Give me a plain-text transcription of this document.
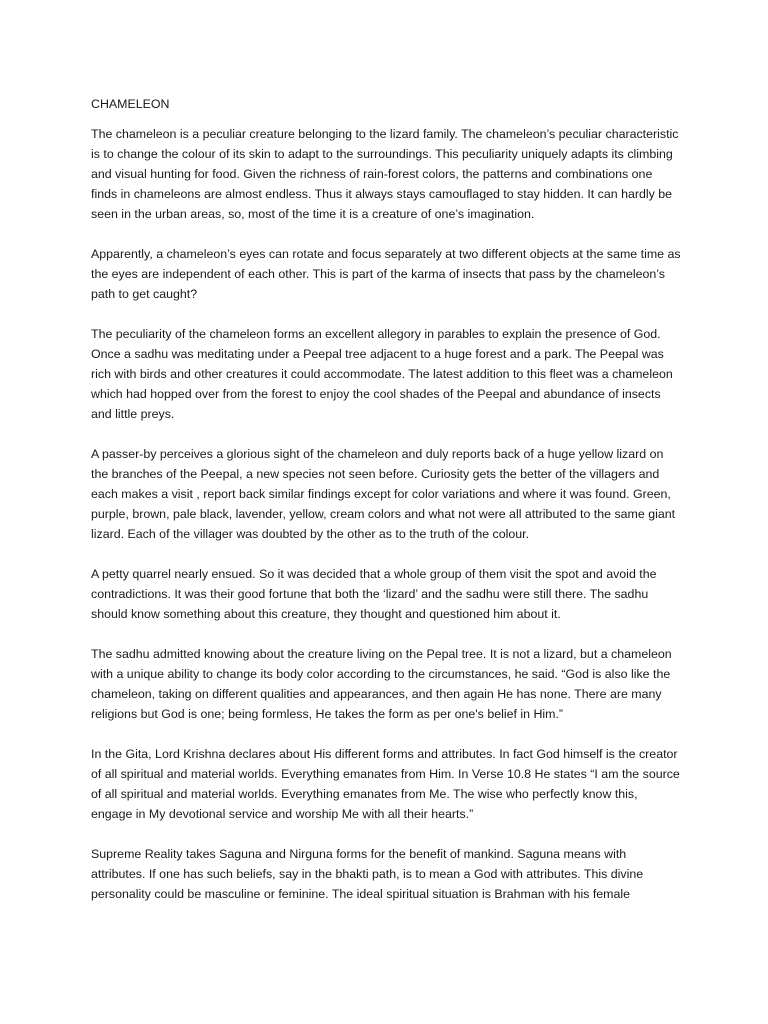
CHAMELEON
The chameleon is a peculiar creature belonging to the lizard family. The chameleon’s peculiar characteristic is to change the colour of its skin to adapt to the surroundings. This peculiarity uniquely adapts its climbing and visual hunting for food. Given the richness of rain-forest colors, the patterns and combinations one finds in chameleons are almost endless. Thus it always stays camouflaged to stay hidden. It can hardly be seen in the urban areas, so, most of the time it is a creature of one’s imagination.
Apparently, a chameleon’s eyes can rotate and focus separately at two different objects at the same time as the eyes are independent of each other. This is part of the karma of insects that pass by the chameleon’s path to get caught?
The peculiarity of the chameleon forms an excellent allegory in parables to explain the presence of God. Once a sadhu was meditating under a Peepal tree adjacent to a huge forest and a park. The Peepal was rich with birds and other creatures it could accommodate. The latest addition to this fleet was a chameleon which had hopped over from the forest to enjoy the cool shades of the Peepal and abundance of insects and little preys.
A passer-by perceives a glorious sight of the chameleon and duly reports back of a huge yellow lizard on the branches of the Peepal, a new species not seen before. Curiosity gets the better of the villagers and each makes a visit , report back similar findings except for color variations and where it was found. Green, purple, brown, pale black, lavender, yellow, cream colors and what not were all attributed to the same giant lizard. Each of the villager was doubted by the other as to the truth of the colour.
A petty quarrel nearly ensued. So it was decided that a whole group of them visit the spot and avoid the contradictions. It was their good fortune that both the ‘lizard’ and the sadhu were still there. The sadhu should know something about this creature, they thought and questioned him about it.
The sadhu admitted knowing about the creature living on the Pepal tree. It is not a lizard, but a chameleon with a unique ability to change its body color according to the circumstances, he said. “God is also like the chameleon, taking on different qualities and appearances, and then again He has none. There are many religions but God is one; being formless, He takes the form as per one's belief in Him.”
In the Gita, Lord Krishna declares about His different forms and attributes. In fact God himself is the creator of all spiritual and material worlds. Everything emanates from Him. In Verse 10.8 He states “I am the source of all spiritual and material worlds. Everything emanates from Me. The wise who perfectly know this, engage in My devotional service and worship Me with all their hearts.”
Supreme Reality takes Saguna and Nirguna forms for the benefit of mankind. Saguna means with attributes. If one has such beliefs, say in the bhakti path, is to mean a God with attributes. This divine personality could be masculine or feminine. The ideal spiritual situation is Brahman with his female
